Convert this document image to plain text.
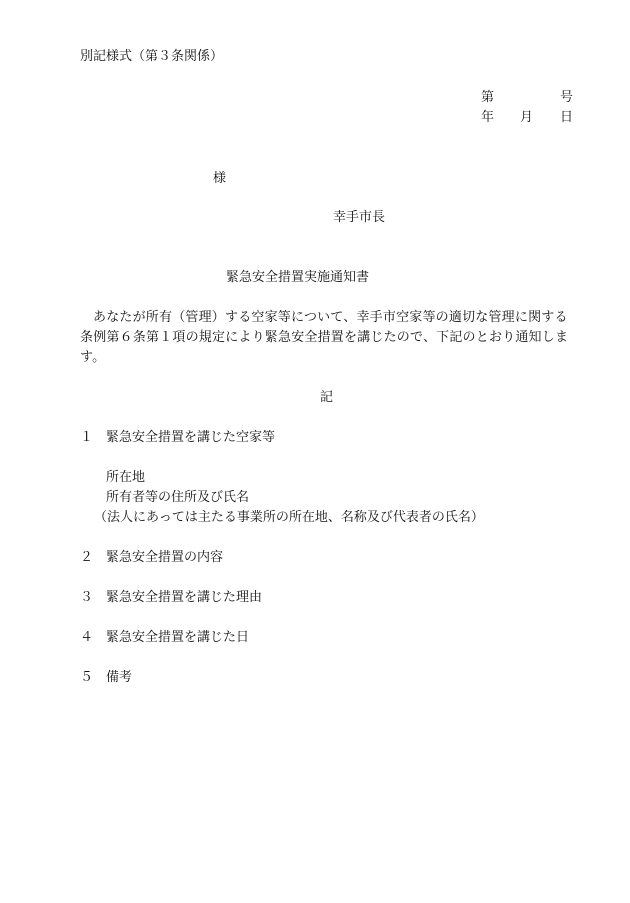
別記様式（第３条関係）
第	号
年 月 日
様
幸手市長
緊急安全措置実施通知書
あなたが所有（管理）する空家等について、幸手市空家等の適切な管理に関する条例第６条第１項の規定により緊急安全措置を講じたので、下記のとおり通知します。
記
１ 緊急安全措置を講じた空家等
所在地
所有者等の住所及び氏名
（法人にあっては主たる事業所の所在地、名称及び代表者の氏名）
２ 緊急安全措置の内容
３ 緊急安全措置を講じた理由
４ 緊急安全措置を講じた日
５ 備考
